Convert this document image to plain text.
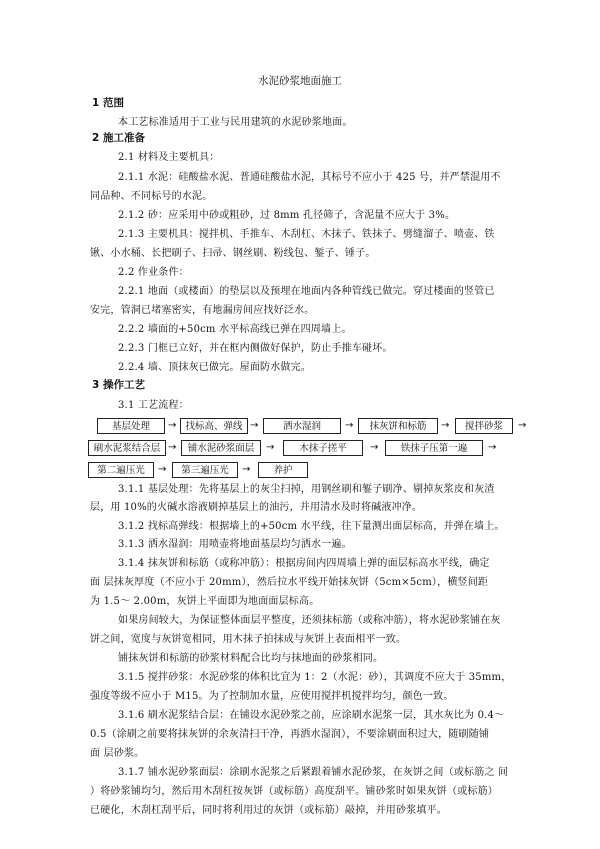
水泥砂浆地面施工
1 范围
本工艺标准适用于工业与民用建筑的水泥砂浆地面。
2 施工准备
2.1 材料及主要机具：
2.1.1 水泥：硅酸盐水泥、普通硅酸盐水泥，其标号不应小于 425 号，并严禁混用不
同品种、不同标号的水泥。
2.1.2 砂：应采用中砂或粗砂，过 8mm 孔径筛子，含泥量不应大于 3%。
2.1.3 主要机具：搅拌机、手推车、木刮杠、木抹子、铁抹子、劈缝溜子、喷壶、铁
锹、小水桶、长把刷子、扫帚、钢丝刷、粉线包、錾子、锤子。
2.2 作业条件：
2.2.1 地面（或楼面）的垫层以及预埋在地面内各种管线已做完。穿过楼面的竖管已
安完，管洞已堵塞密实，有地漏房间应找好泛水。
2.2.2 墙面的+50cm 水平标高线已弹在四周墙上。
2.2.3 门框已立好，并在框内侧做好保护，防止手推车碰坏。
2.2.4 墙、顶抹灰已做完。屋面防水做完。
3 操作工艺
3.1 工艺流程：
基层处理	→ 找标高、弹线 →	洒水湿润	→	抹灰饼和标筋	→	搅拌砂浆	→
刷水泥浆结合层 →	铺水泥砂浆面层	→	木抹子搓平	→	铁抹子压第一遍	→
第二遍压光	→	第三遍压光	→	养护
3.1.1 基层处理：先将基层上的灰尘扫掉，用钢丝刷和錾子刷净、剔掉灰浆皮和灰渣
层，用 10%的火碱水溶液刷掉基层上的油污，并用清水及时将碱液冲净。
3.1.2 找标高弹线：根据墙上的+50cm 水平线，往下量测出面层标高，并弹在墙上。
3.1.3 洒水湿润：用喷壶将地面基层均匀洒水一遍。
3.1.4 抹灰饼和标筋（或称冲筋）：根据房间内四周墙上弹的面层标高水平线，确定
面 层抹灰厚度（不应小于 20mm），然后拉水平线开始抹灰饼（5cm×5cm），横竖间距
为 1.5～ 2.00m，灰饼上平面即为地面面层标高。
如果房间较大，为保证整体面层平整度，还须抹标筋（或称冲筋），将水泥砂浆铺在灰
饼之间，宽度与灰饼宽相同，用木抹子拍抹成与灰饼上表面相平一致。
铺抹灰饼和标筋的砂浆材料配合比均与抹地面的砂浆相同。
3.1.5 搅拌砂浆：水泥砂浆的体积比宜为 1：2（水泥：砂），其调度不应大于 35mm，
强度等级不应小于 M15。为了控制加水量，应使用搅拌机搅拌均匀，颜色一致。
3.1.6 刷水泥浆结合层：在铺设水泥砂浆之前，应涂刷水泥浆一层，其水灰比为 0.4～
0.5（涂刷之前要将抹灰饼的余灰清扫干净，再洒水湿润），不要涂刷面积过大，随刷随铺
面 层砂浆。
3.1.7 铺水泥砂浆面层：涂刷水泥浆之后紧跟着铺水泥砂浆，在灰饼之间（或标筋之 间
）将砂浆铺均匀，然后用木刮杠按灰饼（或标筋）高度刮平。铺砂浆时如果灰饼（或标筋）
已硬化，木刮杠刮平后，同时将利用过的灰饼（或标筋）敲掉，并用砂浆填平。
